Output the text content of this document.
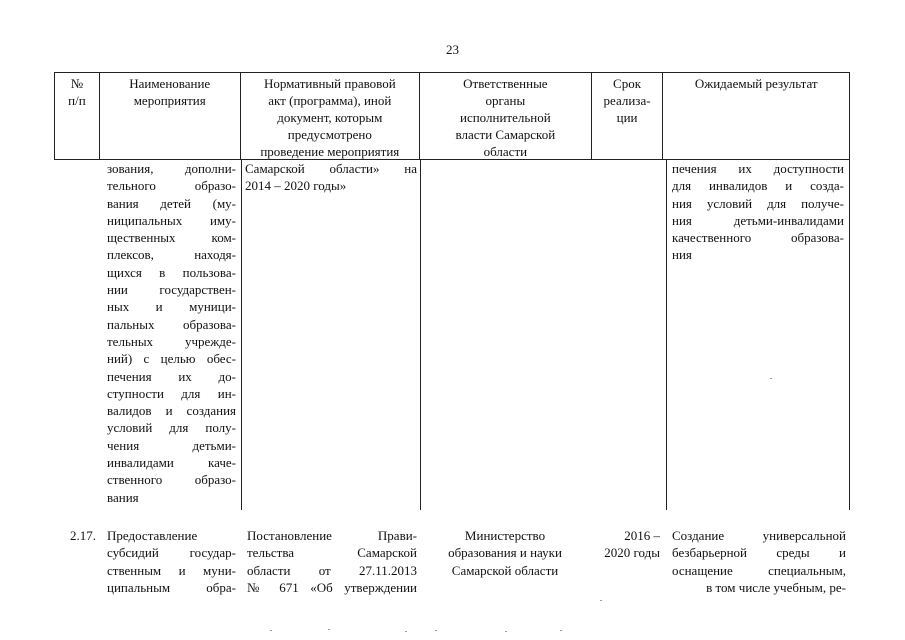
23
№
п/п
Наименование
мероприятия
Нормативный правовой
акт (программа), иной
документ, которым
предусмотрено
проведение мероприятия
Ответственные
органы
исполнительной
власти Самарской
области
Срок
реализа-
ции
Ожидаемый результат
зования, дополни-
тельного образо-
вания детей (му-
ниципальных иму-
щественных ком-
плексов, находя-
щихся в пользова-
нии государствен-
ных и муници-
пальных образова-
тельных учрежде-
ний) с целью обес-
печения их до-
ступности для ин-
валидов и создания
условий для полу-
чения детьми-
инвалидами каче-
ственного образо-
вания
Самарской области» на
2014 – 2020 годы»
печения их доступности
для инвалидов и созда-
ния условий для получе-
ния детьми-инвалидами
качественного образова-
ния
2.17. Предоставление
субсидий государ-
ственным и муни-
ципальным обра-
Постановление Прави-
тельства Самарской
области от 27.11.2013
№ 671 «Об утверждении
Министерство
образования и науки
Самарской области
2016 –
2020 годы
Создание универсальной
безбарьерной среды и
оснащение специальным,
в том числе учебным, ре-
